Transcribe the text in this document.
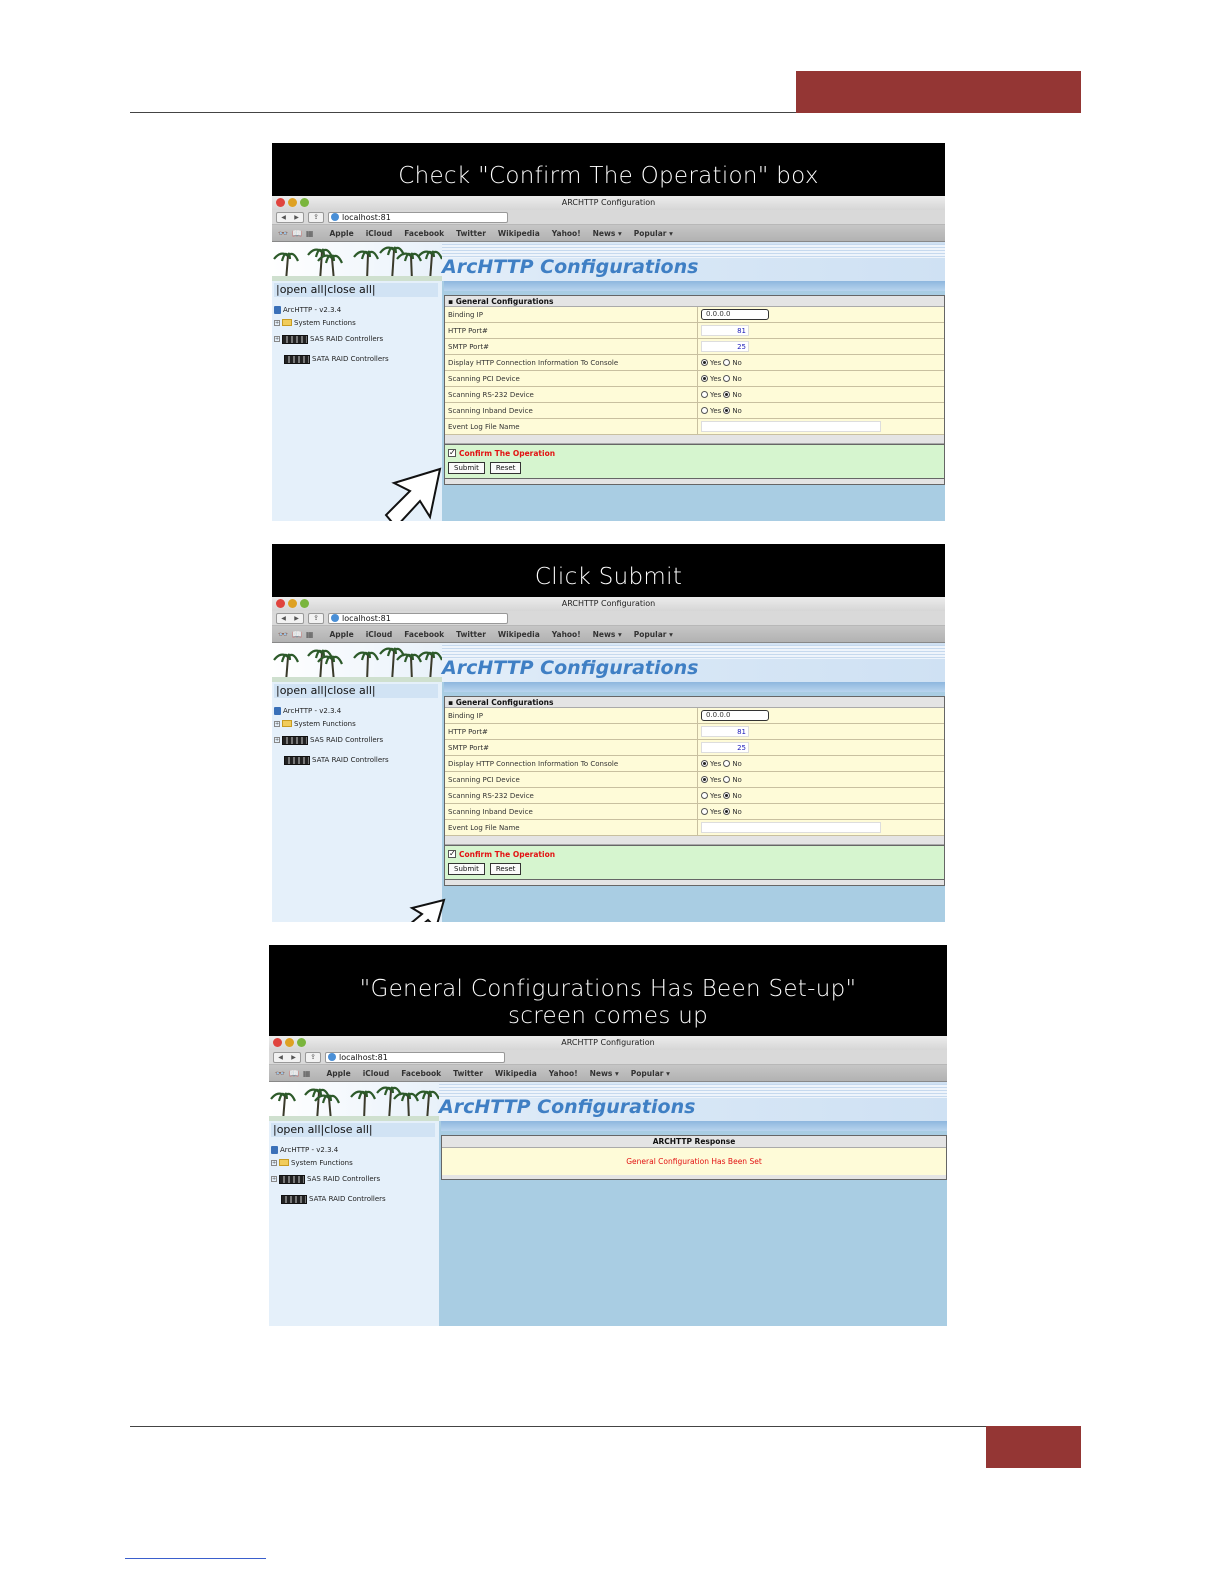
Check "Confirm The Operation" box
ARCHTTP Configuration
◀	▶	⇪	localhost:81
👓📖▦ Apple iCloud Facebook Twitter Wikipedia Yahoo! News ▾ Popular ▾
ArcHTTP Configurations
|open all|close all|
ArcHTTP - v2.3.4
+ System Functions
+	SAS RAID Controllers
SATA RAID Controllers
▪ General Configurations
Binding IP	0.0.0.0
HTTP Port#	81
SMTP Port#	25
Display HTTP Connection Information To Console	Yes No
Scanning PCI Device	Yes No
Scanning RS-232 Device	Yes No
Scanning Inband Device	Yes No
Event Log File Name
✓ Confirm The Operation
Submit	Reset
Click Submit
ARCHTTP Configuration
◀	▶	⇪	localhost:81
👓📖▦ Apple iCloud Facebook Twitter Wikipedia Yahoo! News ▾ Popular ▾
ArcHTTP Configurations
|open all|close all|
ArcHTTP - v2.3.4
+ System Functions
+	SAS RAID Controllers
SATA RAID Controllers
▪ General Configurations
Binding IP	0.0.0.0
HTTP Port#	81
SMTP Port#	25
Display HTTP Connection Information To Console	Yes No
Scanning PCI Device	Yes No
Scanning RS-232 Device	Yes No
Scanning Inband Device	Yes No
Event Log File Name
✓ Confirm The Operation
Submit	Reset
"General Configurations Has Been Set-up"
screen comes up
ARCHTTP Configuration
◀	▶	⇪	localhost:81
👓📖▦ Apple iCloud Facebook Twitter Wikipedia Yahoo! News ▾ Popular ▾
ArcHTTP Configurations
|open all|close all|
ArcHTTP - v2.3.4
+ System Functions
+	SAS RAID Controllers
SATA RAID Controllers
ARCHTTP Response
General Configuration Has Been Set
